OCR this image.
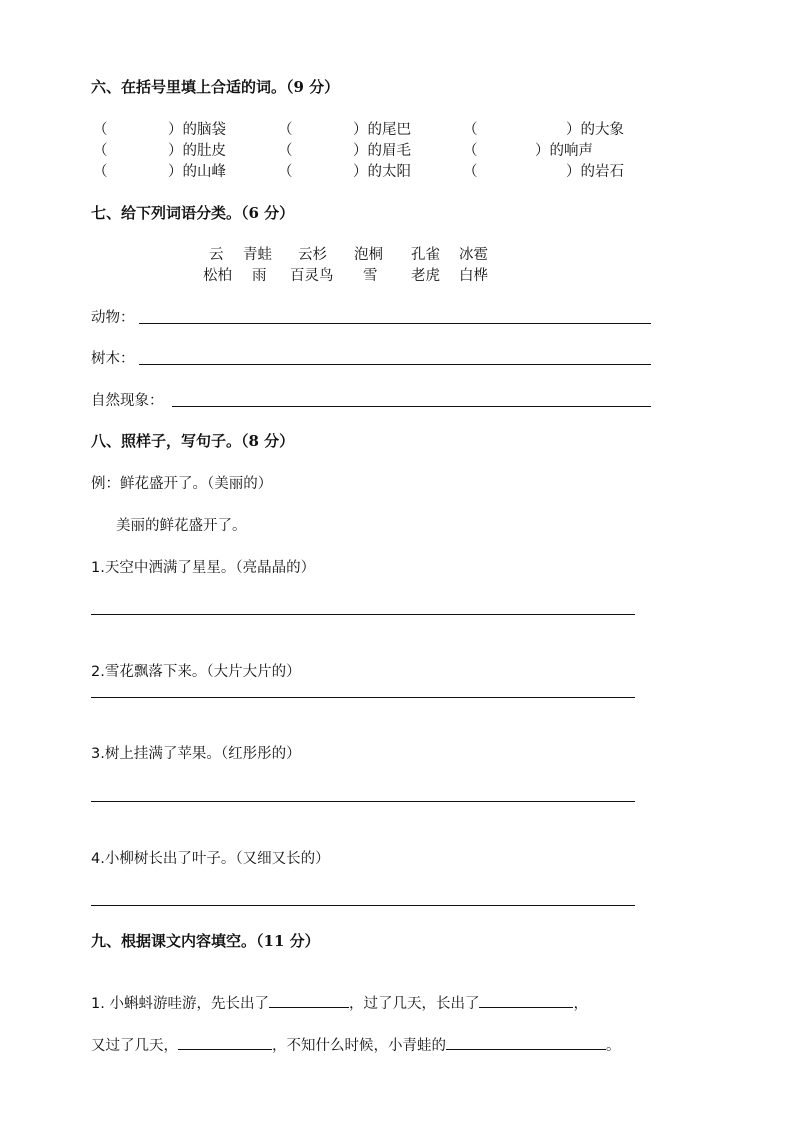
六、在括号里填上合适的词。（9 分）
（	）的脑袋	（	）的尾巴	（	）的大象
（	）的肚皮	（	）的眉毛	（	）的响声
（	）的山峰	（	）的太阳	（	）的岩石
七、给下列词语分类。（6 分）
云 青蛙 云杉 泡桐 孔雀 冰雹
松柏 雨 百灵鸟 雪 老虎 白桦
动物：
树木：
自然现象：
八、照样子，写句子。（8 分）
例：鲜花盛开了。（美丽的）
美丽的鲜花盛开了。
1.天空中洒满了星星。（亮晶晶的）
2.雪花飘落下来。（大片大片的）
3.树上挂满了苹果。（红彤彤的）
4.小柳树长出了叶子。（又细又长的）
九、根据课文内容填空。（11 分）
1. 小蝌蚪游哇游，先长出了	，过了几天，长出了	，
又过了几天，	，不知什么时候，小青蛙的	。
